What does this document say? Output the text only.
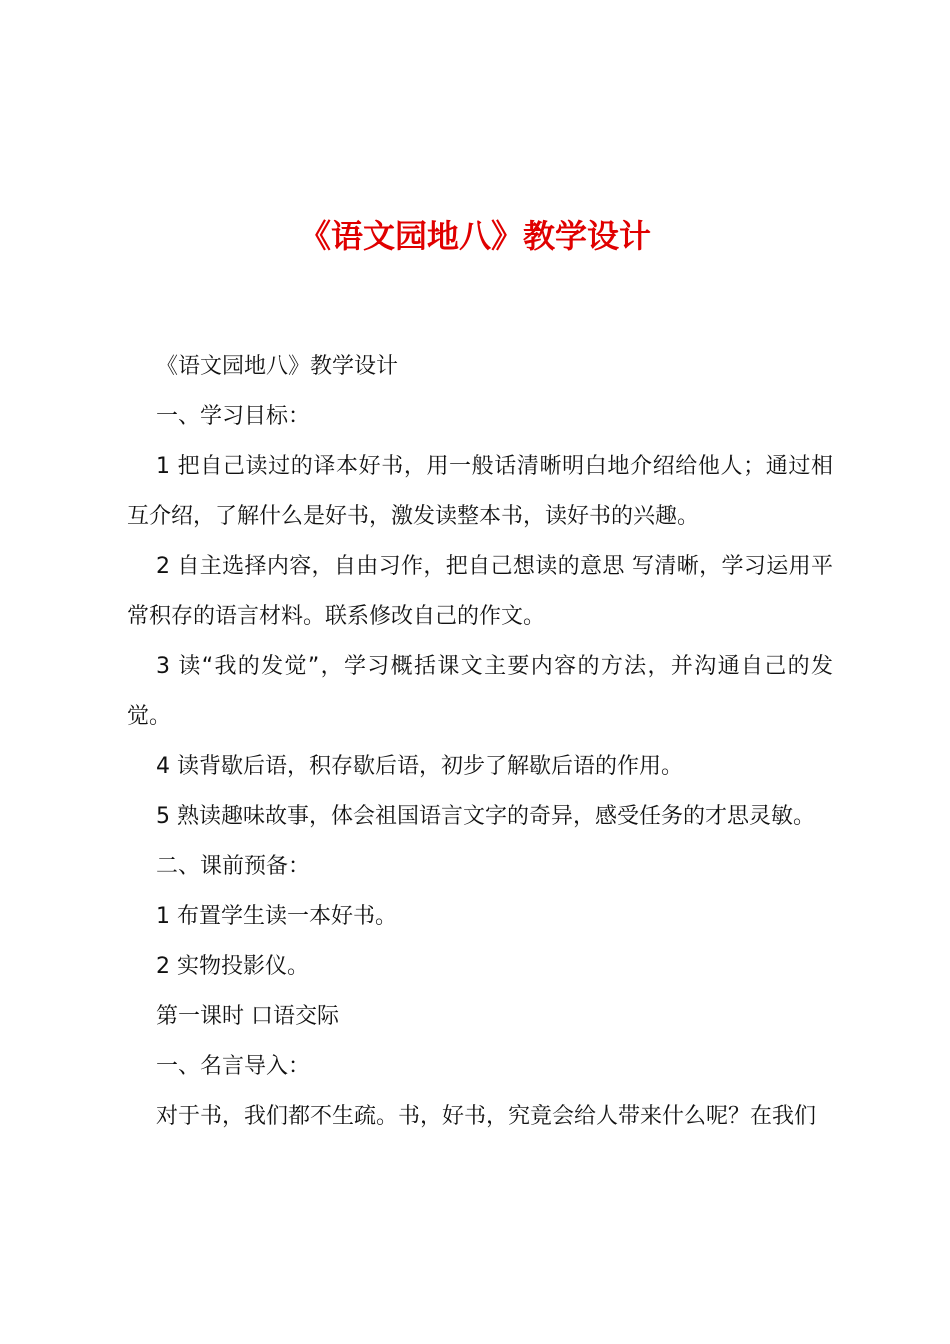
《语文园地八》教学设计

《语文园地八》教学设计

一、学习目标：

1 把自己读过的译本好书，用一般话清晰明白地介绍给他人；通过相互介绍，了解什么是好书，激发读整本书，读好书的兴趣。

2 自主选择内容，自由习作，把自己想读的意思 写清晰，学习运用平常积存的语言材料。联系修改自己的作文。

3 读“我的发觉”，学习概括课文主要内容的方法，并沟通自己的发觉。

4 读背歇后语，积存歇后语，初步了解歇后语的作用。

5 熟读趣味故事，体会祖国语言文字的奇异，感受任务的才思灵敏。

二、课前预备：

1 布置学生读一本好书。

2 实物投影仪。

第一课时 口语交际

一、名言导入：

对于书，我们都不生疏。书，好书，究竟会给人带来什么呢？在我们
